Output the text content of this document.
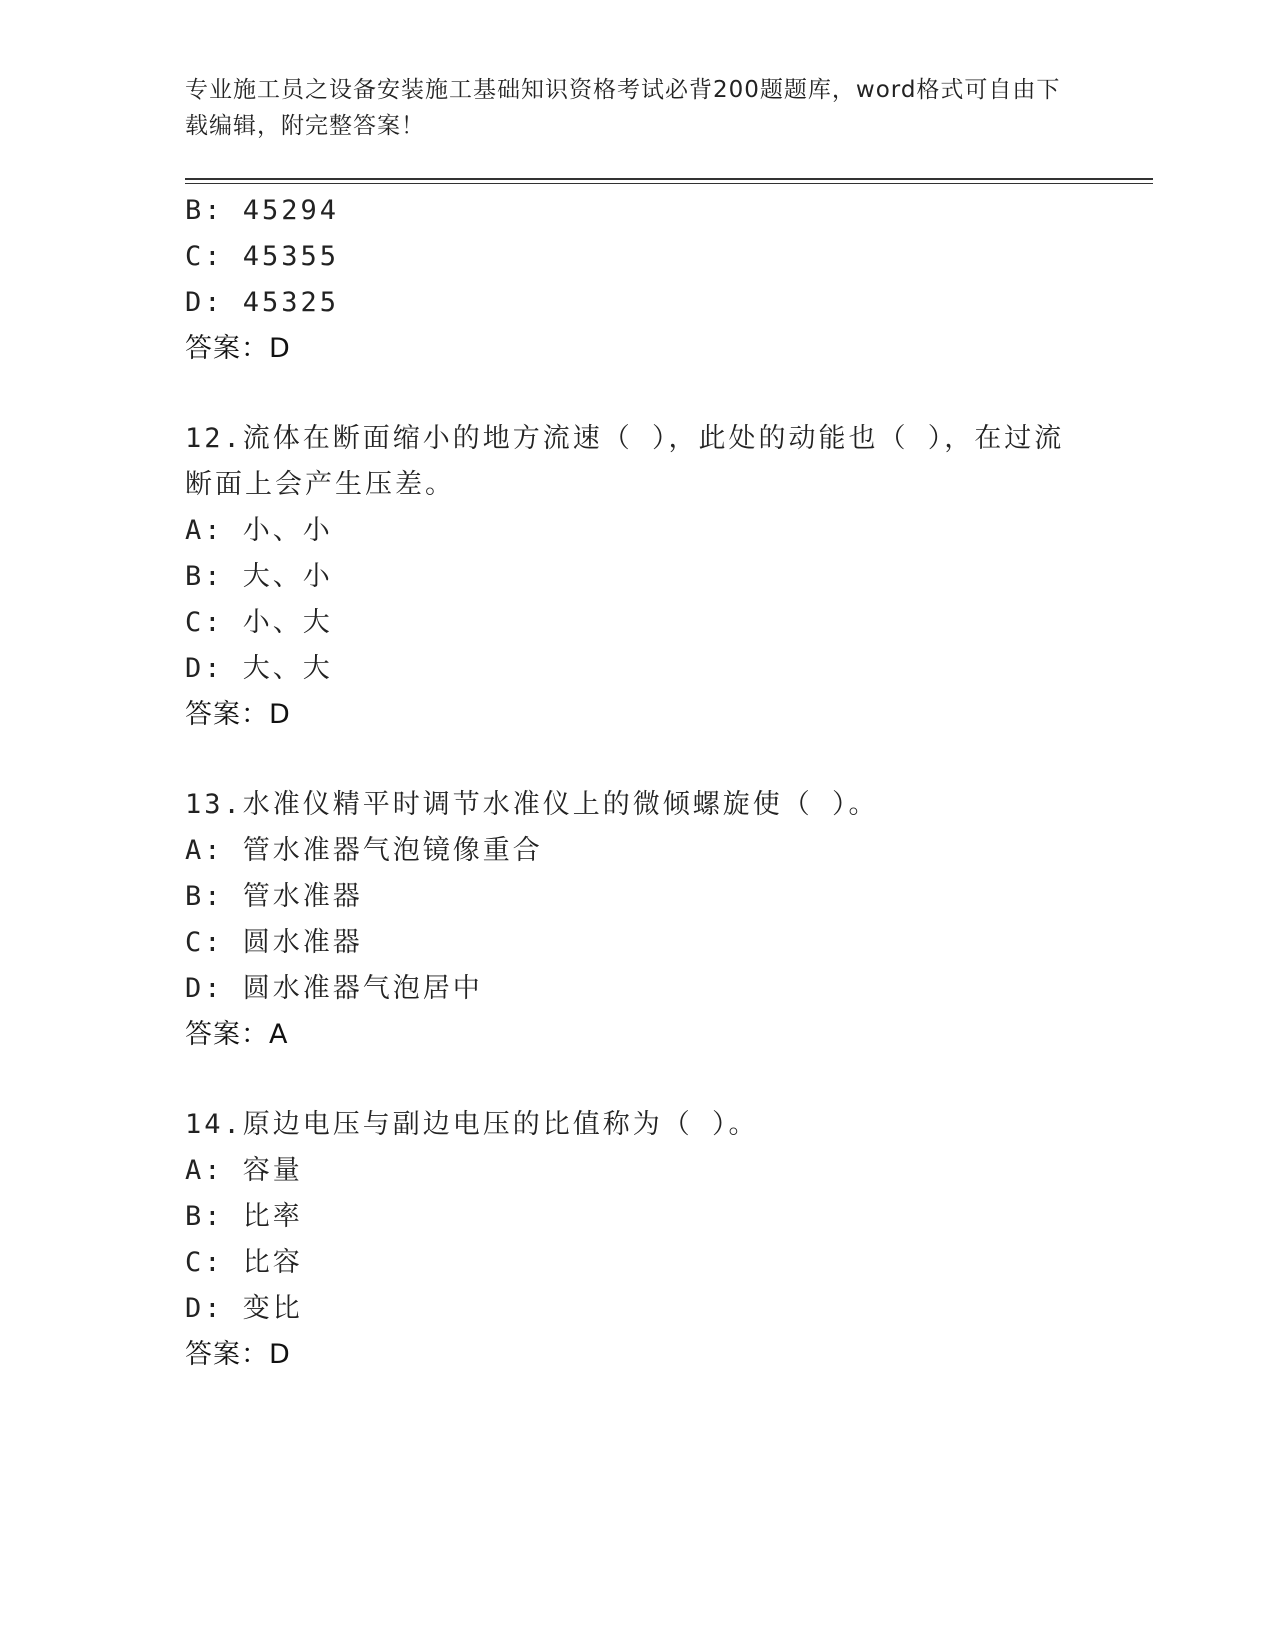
专业施工员之设备安装施工基础知识资格考试必背200题题库，word格式可自由下载编辑，附完整答案！
B: 45294
C: 45355
D: 45325
答案：D
12.流体在断面缩小的地方流速（ ），此处的动能也（ ），在过流断面上会产生压差。
A: 小、小
B: 大、小
C: 小、大
D: 大、大
答案：D
13.水准仪精平时调节水准仪上的微倾螺旋使（ ）。
A: 管水准器气泡镜像重合
B: 管水准器
C: 圆水准器
D: 圆水准器气泡居中
答案：A
14.原边电压与副边电压的比值称为（ ）。
A: 容量
B: 比率
C: 比容
D: 变比
答案：D
